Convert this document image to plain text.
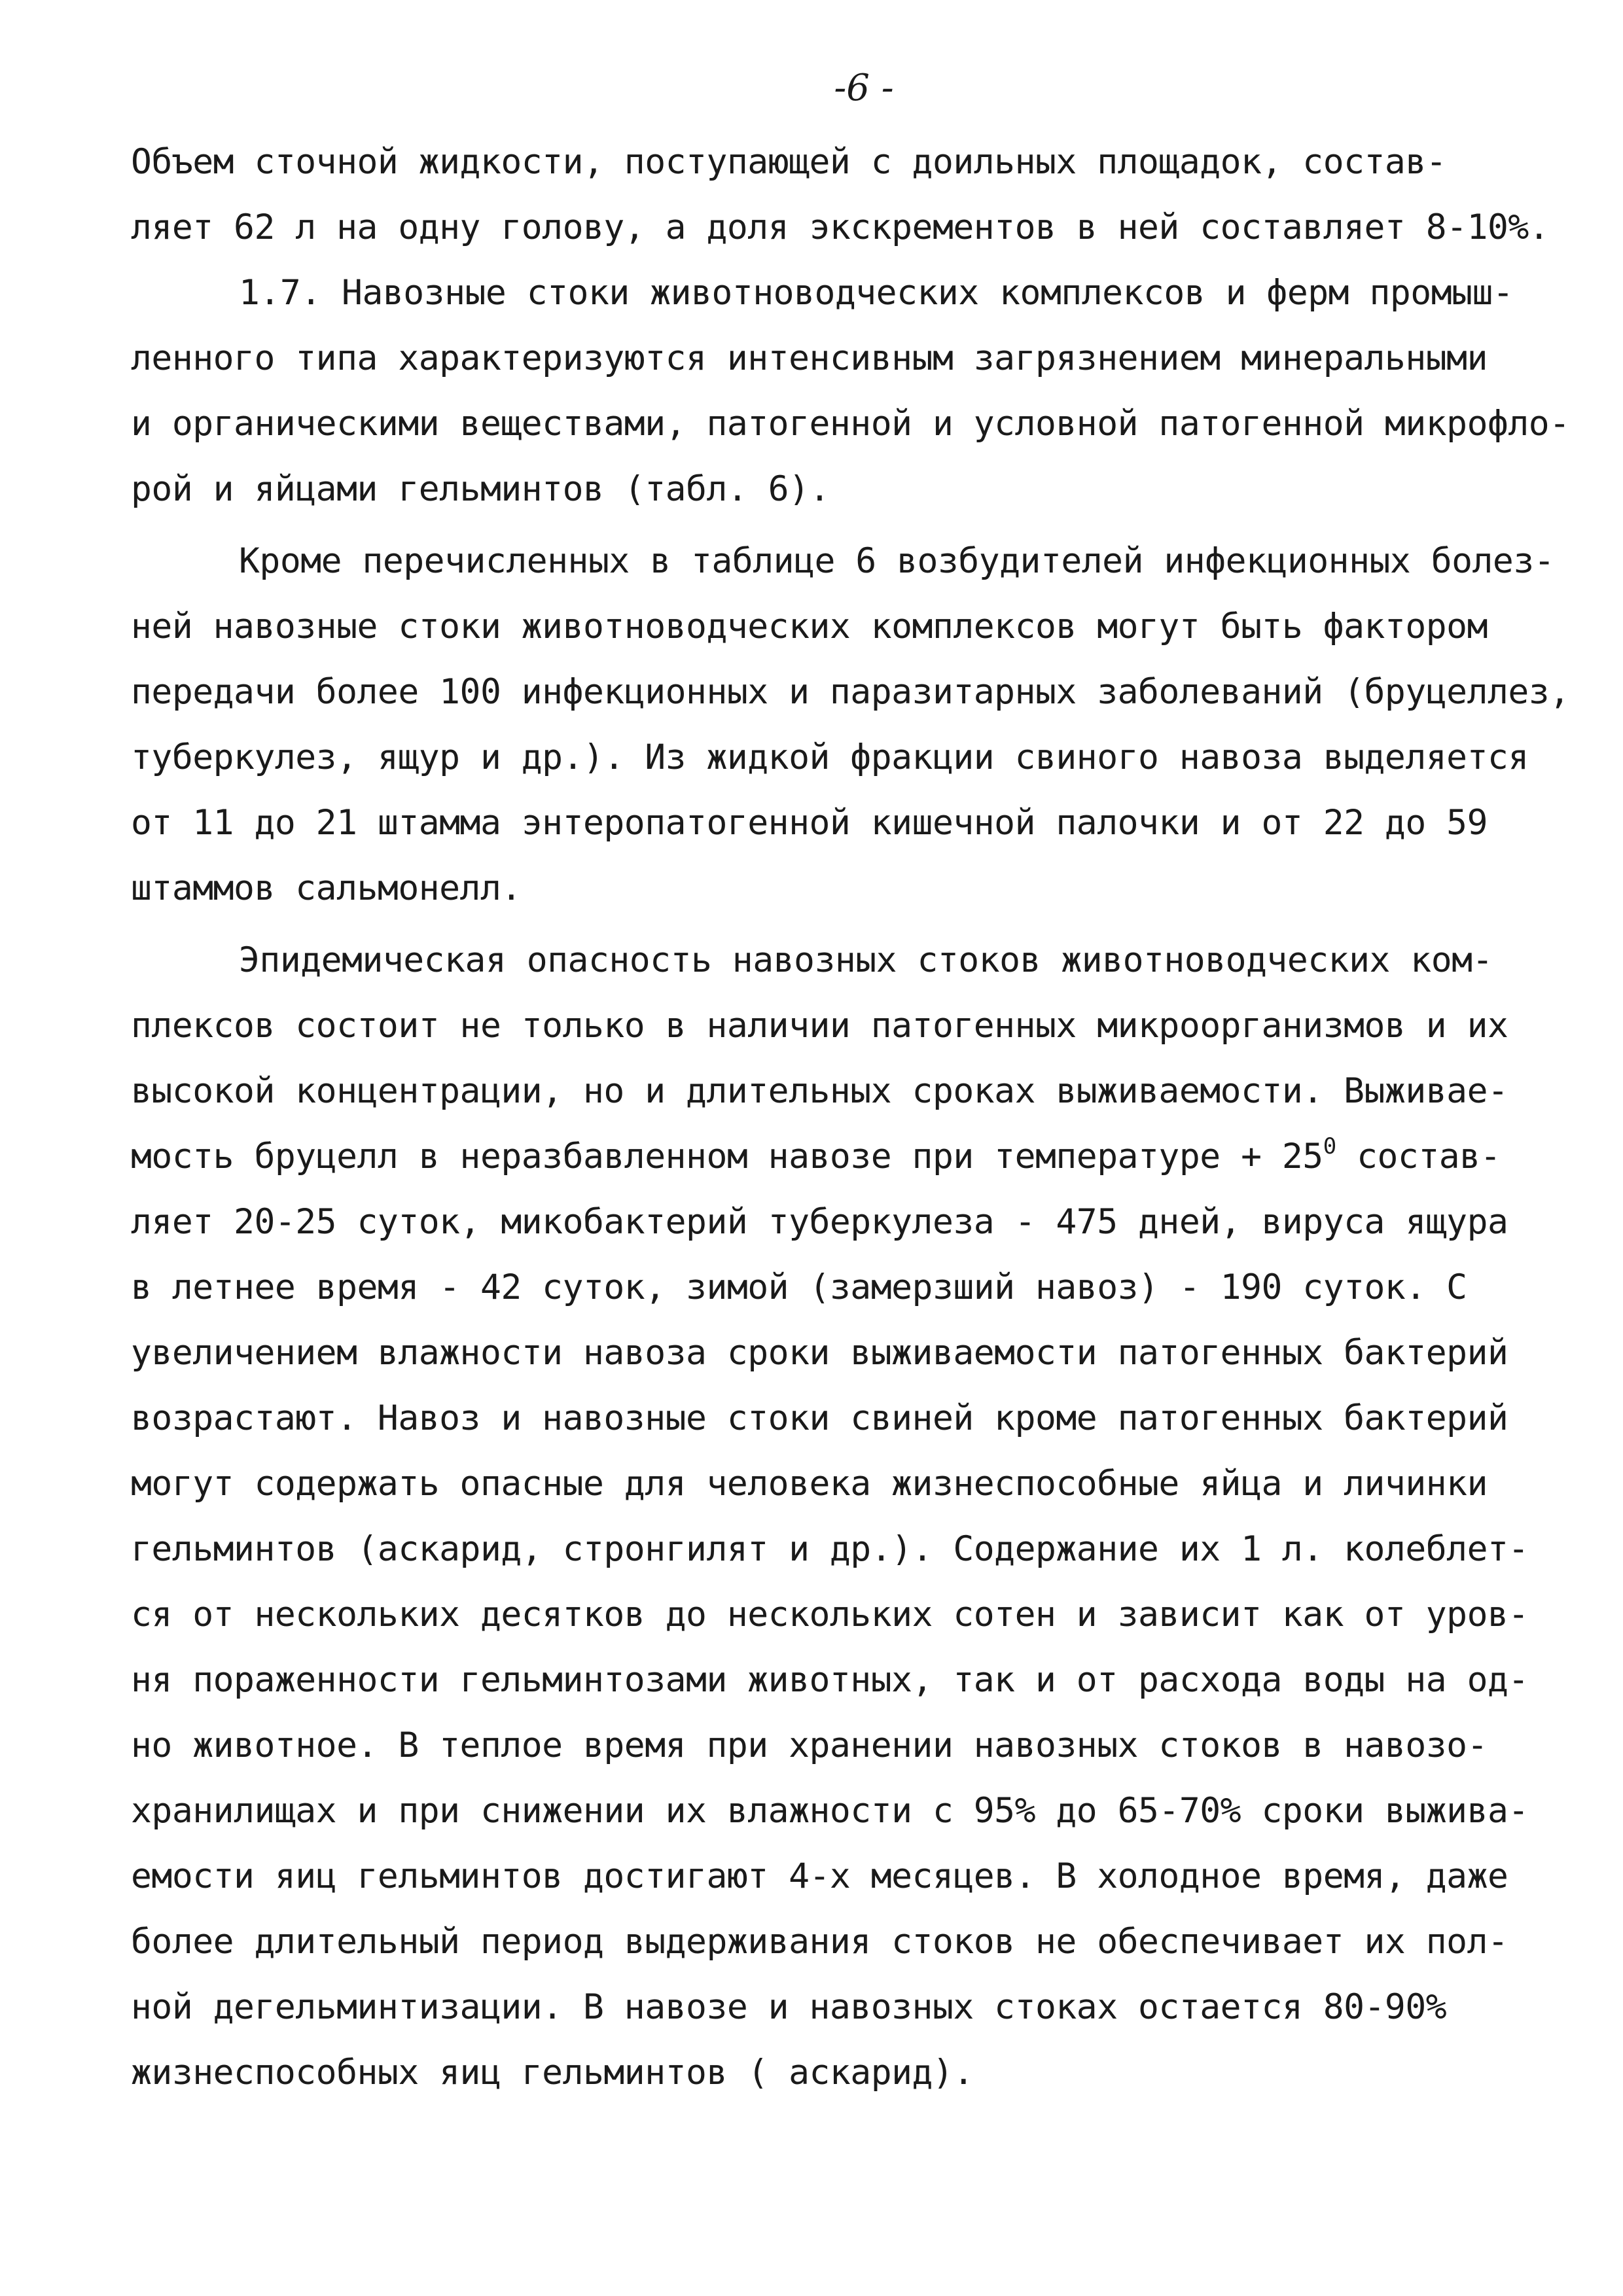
-6 -
Объем сточной жидкости, поступающей с доильных площадок, состав-
ляет 62 л на одну голову, а доля экскрементов в ней составляет 8-10%.
1.7. Навозные стоки животноводческих комплексов и ферм промыш-
ленного типа характеризуются интенсивным загрязнением минеральными
и органическими веществами, патогенной и условной патогенной микрофло-
рой и яйцами гельминтов (табл. 6).
Кроме перечисленных в таблице 6 возбудителей инфекционных болез-
ней навозные стоки животноводческих комплексов могут быть фактором
передачи более 100 инфекционных и паразитарных заболеваний (бруцеллез,
туберкулез, ящур и др.). Из жидкой фракции свиного навоза выделяется
от 11 до 21 штамма энтеропатогенной кишечной палочки и от 22 до 59
штаммов сальмонелл.
Эпидемическая опасность навозных стоков животноводческих ком-
плексов состоит не только в наличии патогенных микроорганизмов и их
высокой концентрации, но и длительных сроках выживаемости. Выживае-
мость бруцелл в неразбавленном навозе при температуре + $25^0$ состав-
ляет 20-25 суток, микобактерий туберкулеза - 475 дней, вируса ящура
в летнее время - 42 суток, зимой (замерзший навоз) - 190 суток. С
увеличением влажности навоза сроки выживаемости патогенных бактерий
возрастают. Навоз и навозные стоки свиней кроме патогенных бактерий
могут содержать опасные для человека жизнеспособные яйца и личинки
гельминтов (аскарид, стронгилят и др.). Содержание их 1 л. колеблет-
ся от нескольких десятков до нескольких сотен и зависит как от уров-
ня пораженности гельминтозами животных, так и от расхода воды на од-
но животное. В теплое время при хранении навозных стоков в навозо-
хранилищах и при снижении их влажности с 95% до 65-70% сроки выжива-
емости яиц гельминтов достигают 4-х месяцев. В холодное время, даже
более длительный период выдерживания стоков не обеспечивает их пол-
ной дегельминтизации. В навозе и навозных стоках остается 80-90%
жизнеспособных яиц гельминтов ( аскарид).
